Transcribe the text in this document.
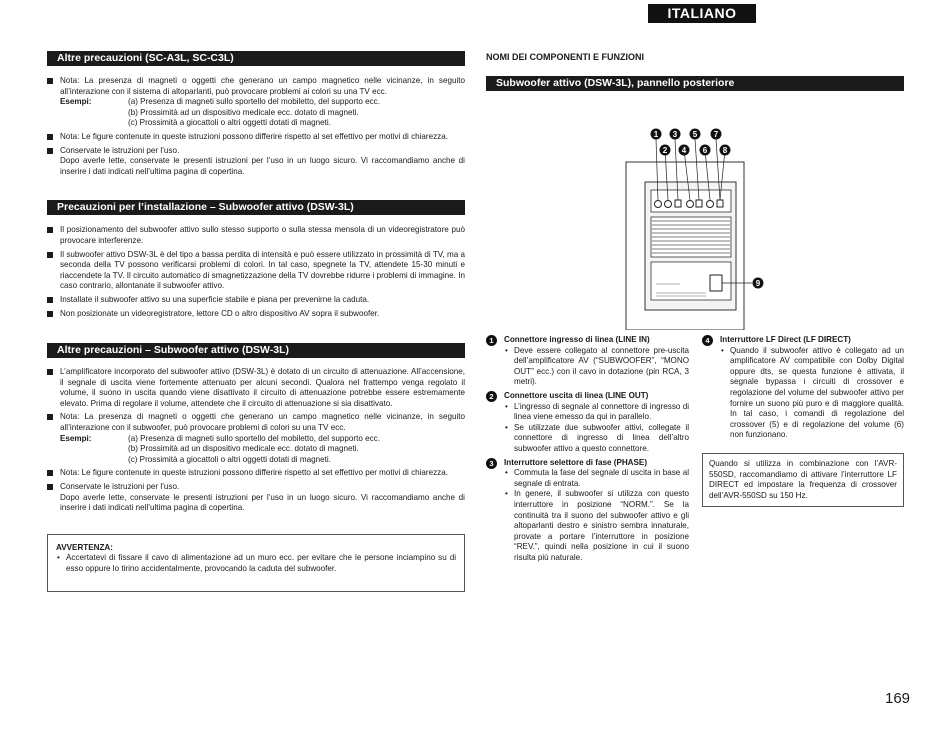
ITALIANO
Altre precauzioni (SC-A3L, SC-C3L)

Nota: La presenza di magneti o oggetti che generano un campo magnetico nelle vicinanze, in seguito all’interazione con il sistema di altoparlanti, può provocare problemi ai colori su una TV ecc.

Esempi:	(a) Presenza di magneti sullo sportello del mobiletto, del supporto ecc.
(b) Prossimità ad un dispositivo medicale ecc. dotato di magneti.
(c) Prossimità a giocattoli o altri oggetti dotati di magneti.

Nota: Le figure contenute in queste istruzioni possono differire rispetto al set effettivo per motivi di chiarezza.

Conservate le istruzioni per l’uso.

Dopo averle lette, conservate le presenti istruzioni per l’uso in un luogo sicuro. Vi raccomandiamo anche di inserire i dati indicati nell’ultima pagina di copertina.

Precauzioni per l’installazione – Subwoofer attivo (DSW-3L)

Il posizionamento del subwoofer attivo sullo stesso supporto o sulla stessa mensola di un videoregistratore può provocare interferenze.

Il subwoofer attivo DSW-3L è del tipo a bassa perdita di intensità e può essere utilizzato in prossimità di TV, ma a seconda della TV possono verificarsi problemi di colori. In tal caso, spegnete la TV, attendete 15-30 minuti e riaccendete la TV. Il circuito automatico di smagnetizzazione della TV dovrebbe ridurre i problemi di immagine. In caso contrario, allontanate il subwoofer attivo.

Installate il subwoofer attivo su una superficie stabile e piana per prevenirne la caduta.

Non posizionate un videoregistratore, lettore CD o altro dispositivo AV sopra il subwoofer.

Altre precauzioni – Subwoofer attivo (DSW-3L)

L’amplificatore incorporato del subwoofer attivo (DSW-3L) è dotato di un circuito di attenuazione. All’accensione, il segnale di uscita viene fortemente attenuato per alcuni secondi. Qualora nel frattempo venga regolato il volume, il suono in uscita quando viene disattivato il circuito di attenuazione potrebbe essere estremamente elevato. Prima di regolare il volume, attendete che il circuito di attenuazione si sia disattivato.

Nota: La presenza di magneti o oggetti che generano un campo magnetico nelle vicinanze, in seguito all’interazione con il subwoofer, può provocare problemi di colori su una TV ecc.

Esempi:	(a) Presenza di magneti sullo sportello del mobiletto, del supporto ecc.
(b) Prossimità ad un dispositivo medicale ecc. dotato di magneti.
(c) Prossimità a giocattoli o altri oggetti dotati di magneti.

Nota: Le figure contenute in queste istruzioni possono differire rispetto al set effettivo per motivi di chiarezza.

Conservate le istruzioni per l’uso.

Dopo averle lette, conservate le presenti istruzioni per l’uso in un luogo sicuro. Vi raccomandiamo anche di inserire i dati indicati nell’ultima pagina di copertina.

AVVERTENZA:

• Accertatevi di fissare il cavo di alimentazione ad un muro ecc. per evitare che le persone inciampino su di esso oppure lo tirino accidentalmente, provocando la caduta del subwoofer.

NOMI DEI COMPONENTI E FUNZIONI
Subwoofer attivo (DSW-3L), pannello posteriore
1 3 5 7
2 4 6 8
9
1	Connettore ingresso di linea (LINE IN)

• Deve essere collegato al connettore pre-uscita dell’amplificatore AV (“SUBWOOFER”, “MONO OUT” ecc.) con il cavo in dotazione (pin RCA, 3 metri).

2	Connettore uscita di linea (LINE OUT)

• L’ingresso di segnale al connettore di ingresso di linea viene emesso da qui in parallelo.

• Se utilizzate due subwoofer attivi, collegate il connettore di ingresso di linea dell’altro subwoofer attivo a questo connettore.

3	Interruttore selettore di fase (PHASE)

• Commuta la fase del segnale di uscita in base al segnale di entrata.

• In genere, il subwoofer si utilizza con questo interruttore in posizione “NORM.”. Se la continuità tra il suono del subwoofer attivo e gli altoparlanti destro e sinistro sembra innaturale, provate a portare l’interruttore in posizione “REV.”, quindi nella posizione in cui il suono risulta più naturale.

4	Interruttore LF Direct (LF DIRECT)

• Quando il subwoofer attivo è collegato ad un amplificatore AV compatibile con Dolby Digital oppure dts, se questa funzione è attivata, il segnale bypassa i circuiti di crossover e regolazione del volume del subwoofer attivo per fornire un suono più puro e di maggiore qualità. In tal caso, i comandi di regolazione del crossover (5) e di regolazione del volume (6) non funzionano.

Quando si utilizza in combinazione con l’AVR-550SD, raccomandiamo di attivare l’interruttore LF DIRECT ed impostare la frequenza di crossover dell’AVR-550SD su 150 Hz.

169
